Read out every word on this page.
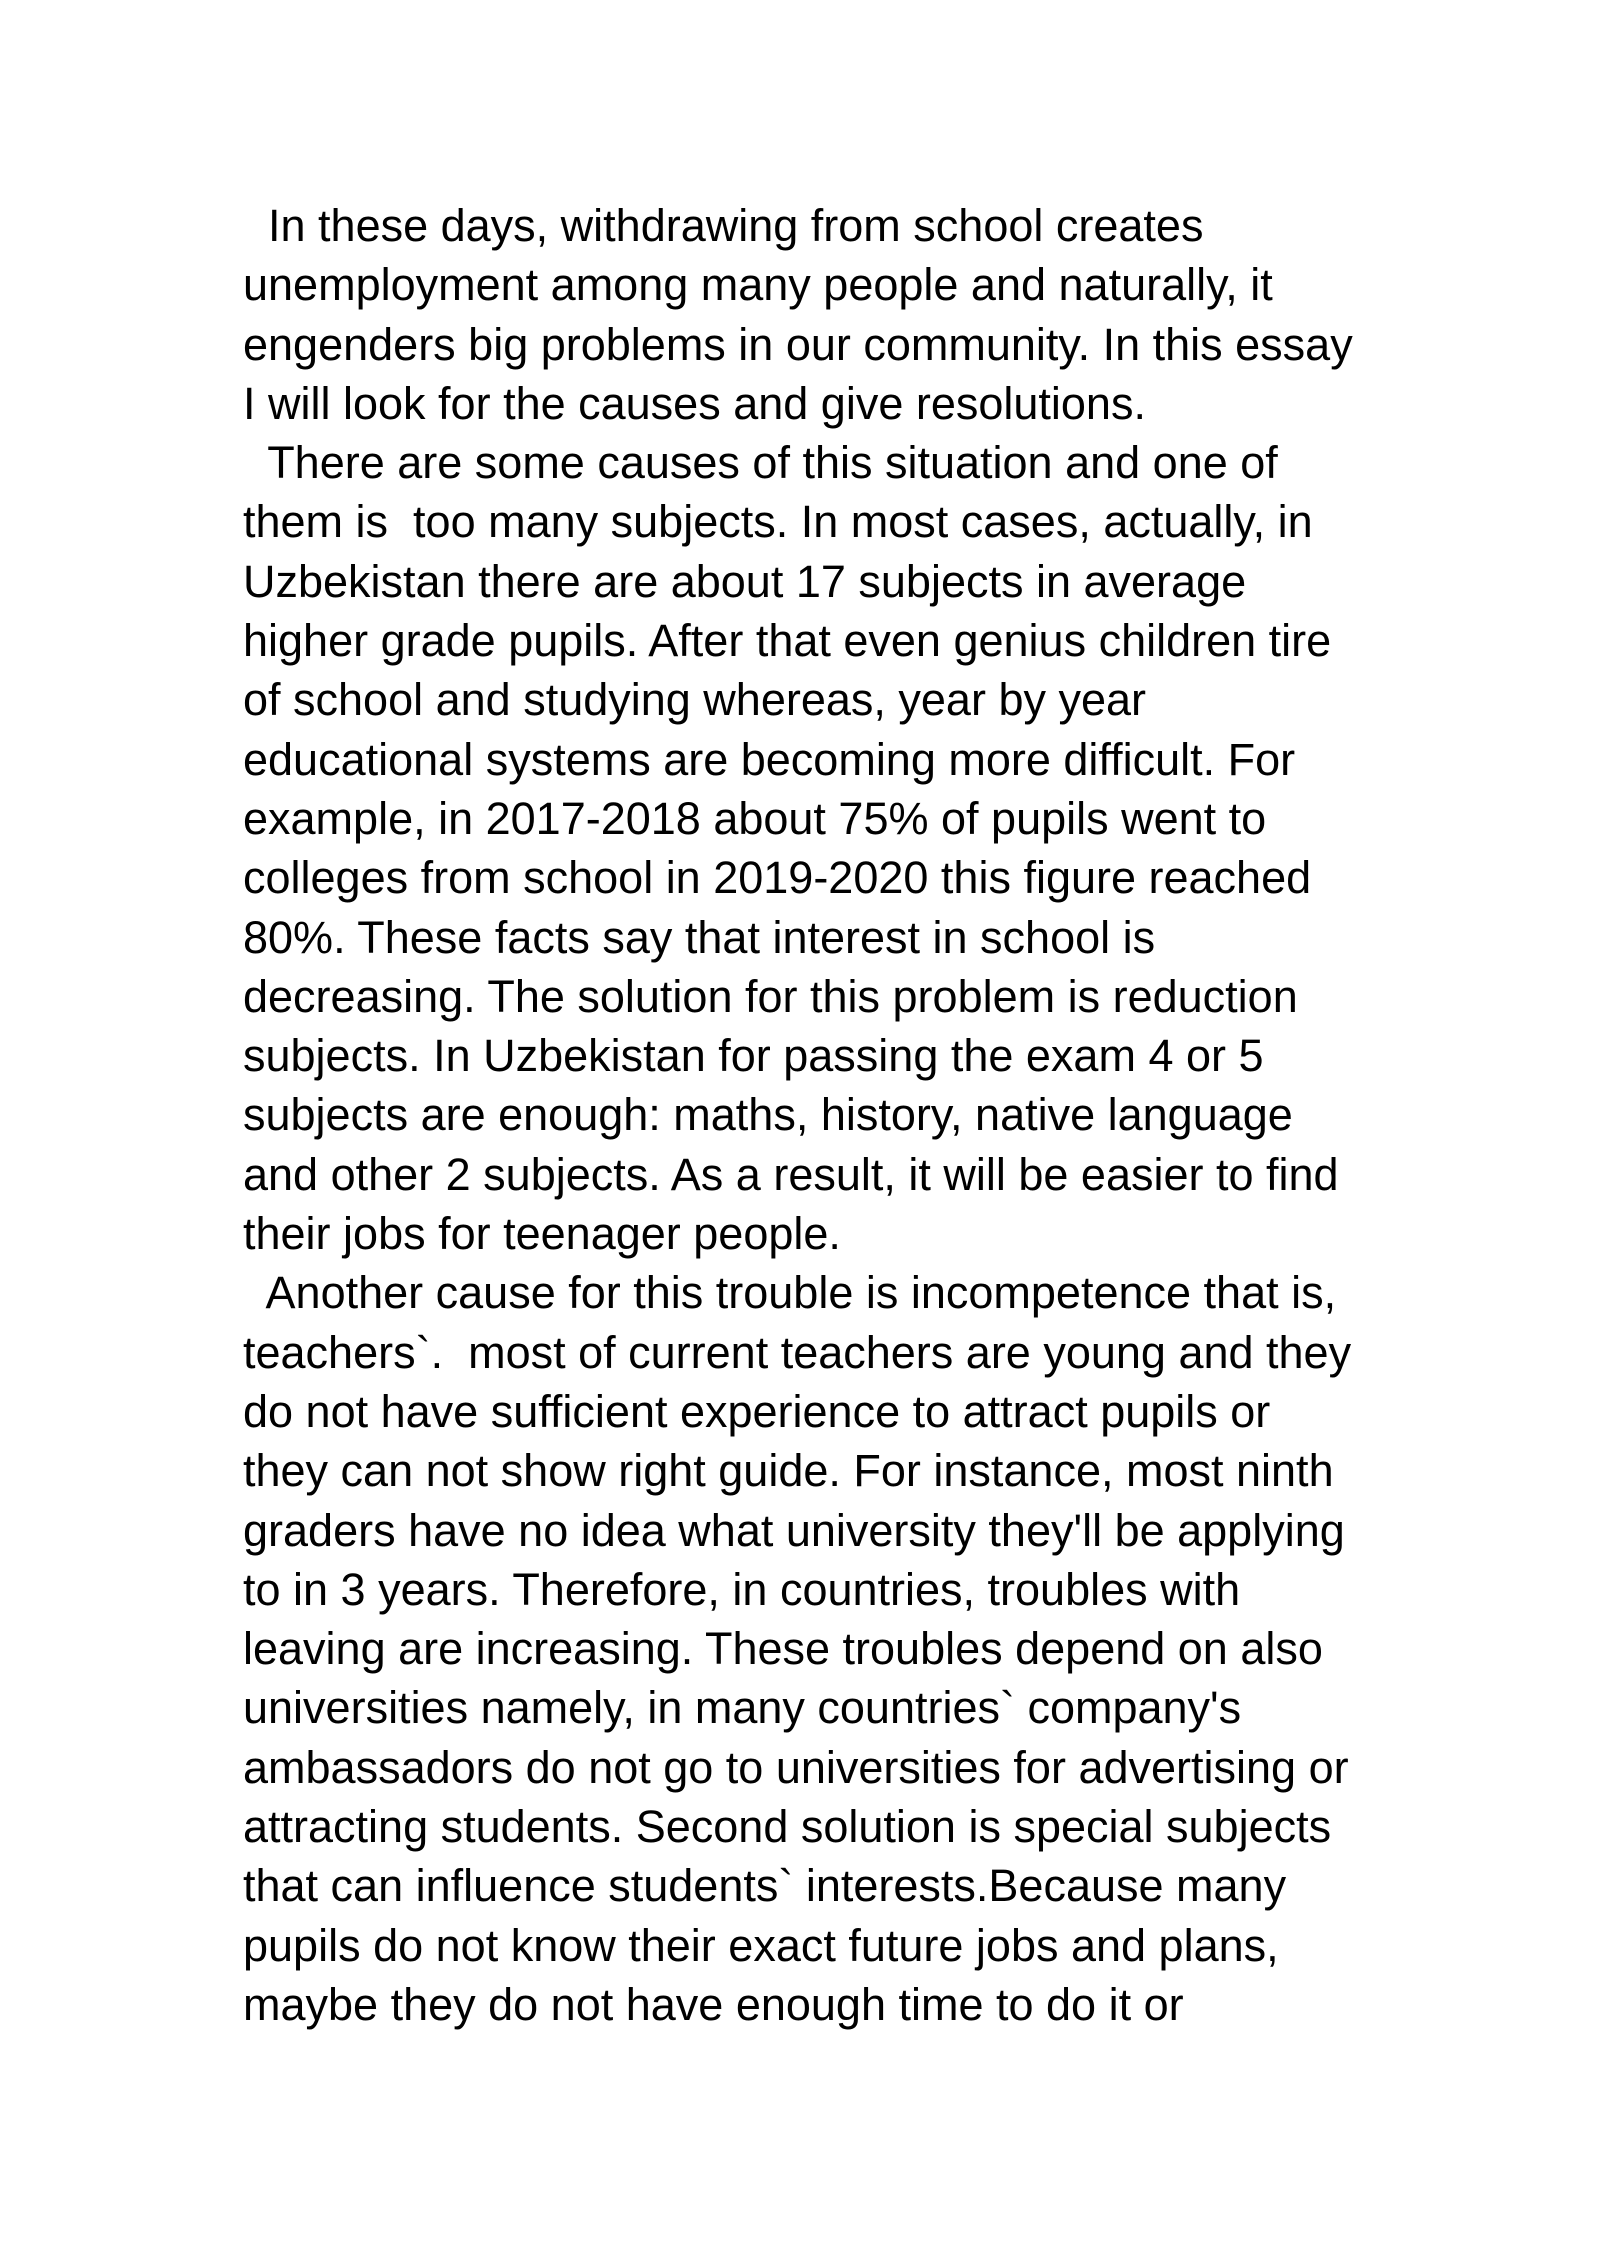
In these days, withdrawing from school creates
unemployment among many people and naturally, it
engenders big problems in our community. In this essay
I will look for the causes and give resolutions.
There are some causes of this situation and one of
them is  too many subjects. In most cases, actually, in
Uzbekistan there are about 17 subjects in average
higher grade pupils. After that even genius children tire
of school and studying whereas, year by year
educational systems are becoming more difficult. For
example, in 2017-2018 about 75% of pupils went to
colleges from school in 2019-2020 this figure reached
80%. These facts say that interest in school is
decreasing. The solution for this problem is reduction
subjects. In Uzbekistan for passing the exam 4 or 5
subjects are enough: maths, history, native language
and other 2 subjects. As a result, it will be easier to find
their jobs for teenager people.
Another cause for this trouble is incompetence that is,
teachers`.  most of current teachers are young and they
do not have sufficient experience to attract pupils or
they can not show right guide. For instance, most ninth
graders have no idea what university they'll be applying
to in 3 years. Therefore, in countries, troubles with
leaving are increasing. These troubles depend on also
universities namely, in many countries` company's
ambassadors do not go to universities for advertising or
attracting students. Second solution is special subjects
that can influence students` interests.Because many
pupils do not know their exact future jobs and plans,
maybe they do not have enough time to do it or
